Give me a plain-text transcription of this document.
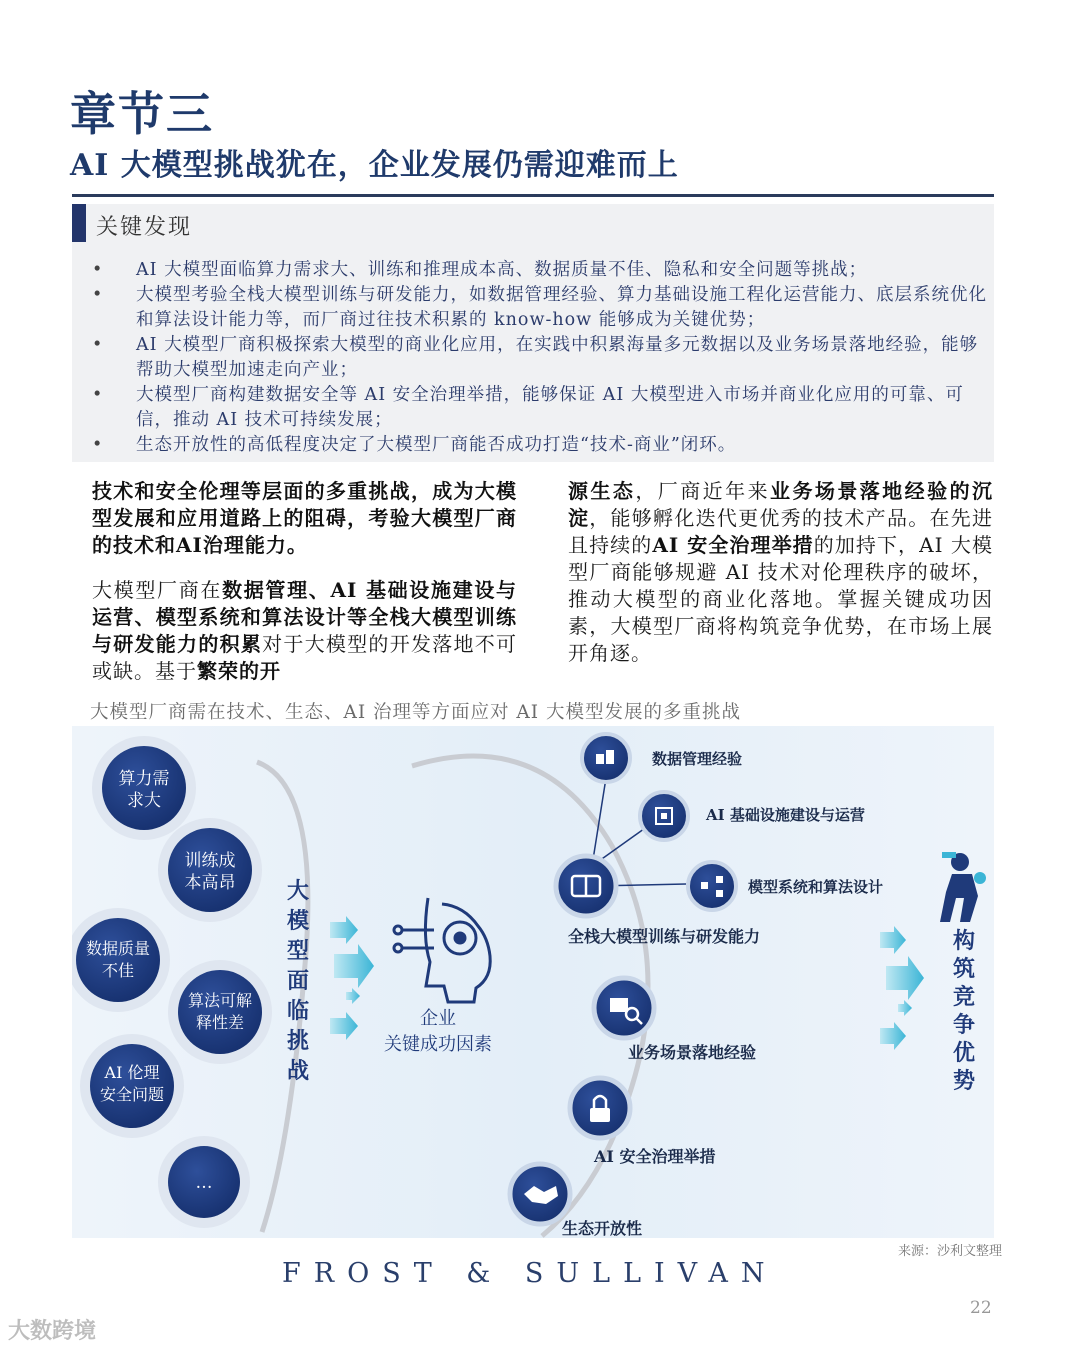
章节三
AI 大模型挑战犹在，企业发展仍需迎难而上
关键发现
• AI 大模型面临算力需求大、训练和推理成本高、数据质量不佳、隐私和安全问题等挑战；
• 大模型考验全栈大模型训练与研发能力，如数据管理经验、算力基础设施工程化运营能力、底层系统优化和算法设计能力等，而厂商过往技术积累的 know-how 能够成为关键优势；
• AI 大模型厂商积极探索大模型的商业化应用，在实践中积累海量多元数据以及业务场景落地经验，能够帮助大模型加速走向产业；
• 大模型厂商构建数据安全等 AI 安全治理举措，能够保证 AI 大模型进入市场并商业化应用的可靠、可信，推动 AI 技术可持续发展；
• 生态开放性的高低程度决定了大模型厂商能否成功打造“技术-商业”闭环。

技术和安全伦理等层面的多重挑战，成为大模型发展和应用道路上的阻碍，考验大模型厂商的技术和AI治理能力。

大模型厂商在数据管理、AI 基础设施建设与运营、模型系统和算法设计等全栈大模型训练与研发能力的积累对于大模型的开发落地不可或缺。基于繁荣的开

源生态，厂商近年来业务场景落地经验的沉淀，能够孵化迭代更优秀的技术产品。在先进且持续的AI 安全治理举措的加持下，AI 大模型厂商能够规避 AI 技术对伦理秩序的破坏，推动大模型的商业化落地。掌握关键成功因素，大模型厂商将构筑竞争优势，在市场上展开角逐。

大模型厂商需在技术、生态、AI 治理等方面应对 AI 大模型发展的多重挑战
算力需
求大
训练成
本高昂
数据质量
不佳
算法可解
释性差
AI 伦理
安全问题
…
大
模
型
面
临
挑
战
企业
关键成功因素
数据管理经验
AI 基础设施建设与运营
模型系统和算法设计
全栈大模型训练与研发能力
业务场景落地经验
AI 安全治理举措
生态开放性
构
筑
竞
争
优
势
来源：沙利文整理
FROST & SULLIVAN
22
大数跨境
